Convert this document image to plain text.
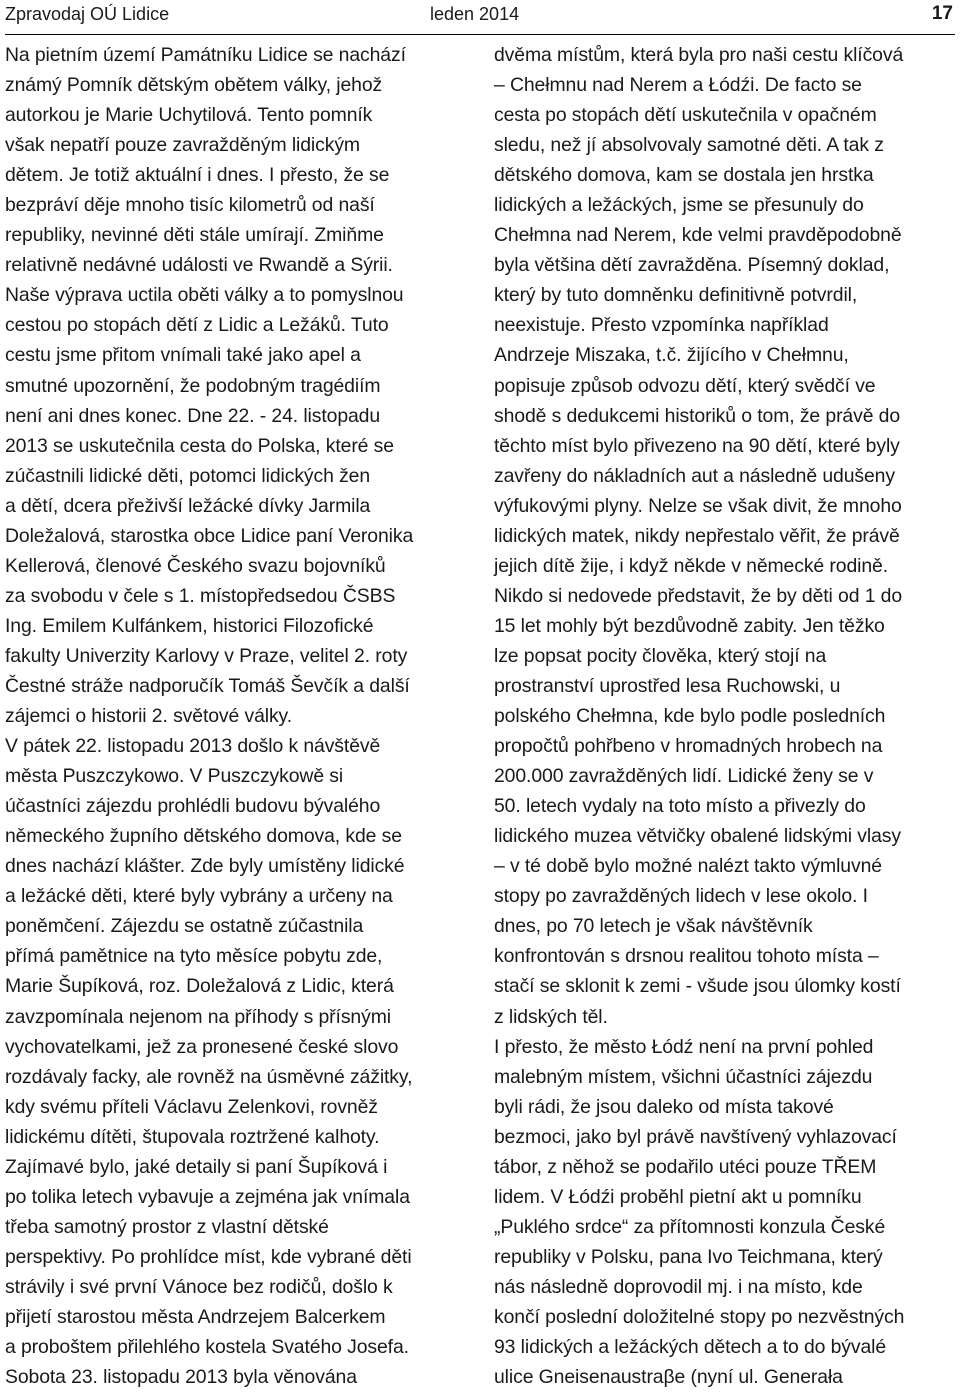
Zpravodaj OÚ Lidice	leden 2014	17
Na pietním území Památníku Lidice se nachází
známý Pomník dětským obětem války, jehož
autorkou je Marie Uchytilová. Tento pomník
však nepatří pouze zavražděným lidickým
dětem. Je totiž aktuální i dnes. I přesto, že se
bezpráví děje mnoho tisíc kilometrů od naší
republiky, nevinné děti stále umírají. Zmiňme
relativně nedávné události ve Rwandě a Sýrii.
Naše výprava uctila oběti války a to pomyslnou
cestou po stopách dětí z Lidic a Ležáků. Tuto
cestu jsme přitom vnímali také jako apel a
smutné upozornění, že podobným tragédiím
není ani dnes konec. Dne 22. - 24. listopadu
2013 se uskutečnila cesta do Polska, které se
zúčastnili lidické děti, potomci lidických žen
a dětí, dcera přeživší ležácké dívky Jarmila
Doležalová, starostka obce Lidice paní Veronika
Kellerová, členové Českého svazu bojovníků
za svobodu v čele s 1. místopředsedou ČSBS
Ing. Emilem Kulfánkem, historici Filozofické
fakulty Univerzity Karlovy v Praze, velitel 2. roty
Čestné stráže nadporučík Tomáš Ševčík a další
zájemci o historii 2. světové války.
V pátek 22. listopadu 2013 došlo k návštěvě
města Puszczykowo. V Puszczykowě si
účastníci zájezdu prohlédli budovu bývalého
německého župního dětského domova, kde se
dnes nachází klášter. Zde byly umístěny lidické
a ležácké děti, které byly vybrány a určeny na
poněmčení. Zájezdu se ostatně zúčastnila
přímá pamětnice na tyto měsíce pobytu zde,
Marie Šupíková, roz. Doležalová z Lidic, která
zavzpomínala nejenom na příhody s přísnými
vychovatelkami, jež za pronesené české slovo
rozdávaly facky, ale rovněž na úsměvné zážitky,
kdy svému příteli Václavu Zelenkovi, rovněž
lidickému dítěti, štupovala roztržené kalhoty.
Zajímavé bylo, jaké detaily si paní Šupíková i
po tolika letech vybavuje a zejména jak vnímala
třeba samotný prostor z vlastní dětské
perspektivy. Po prohlídce míst, kde vybrané děti
strávily i své první Vánoce bez rodičů, došlo k
přijetí starostou města Andrzejem Balcerkem
a proboštem přilehlého kostela Svatého Josefa.
Sobota 23. listopadu 2013 byla věnována
dvěma místům, která byla pro naši cestu klíčová
– Chełmnu nad Nerem a Łódźi. De facto se
cesta po stopách dětí uskutečnila v opačném
sledu, než jí absolvovaly samotné děti. A tak z
dětského domova, kam se dostala jen hrstka
lidických a ležáckých, jsme se přesunuly do
Chełmna nad Nerem, kde velmi pravděpodobně
byla většina dětí zavražděna. Písemný doklad,
který by tuto domněnku definitivně potvrdil,
neexistuje. Přesto vzpomínka například
Andrzeje Miszaka, t.č. žijícího v Chełmnu,
popisuje způsob odvozu dětí, který svědčí ve
shodě s dedukcemi historiků o tom, že právě do
těchto míst bylo přivezeno na 90 dětí, které byly
zavřeny do nákladních aut a následně udušeny
výfukovými plyny. Nelze se však divit, že mnoho
lidických matek, nikdy nepřestalo věřit, že právě
jejich dítě žije, i když někde v německé rodině.
Nikdo si nedovede představit, že by děti od 1 do
15 let mohly být bezdůvodně zabity. Jen těžko
lze popsat pocity člověka, který stojí na
prostranství uprostřed lesa Ruchowski, u
polského Chełmna, kde bylo podle posledních
propočtů pohřbeno v hromadných hrobech na
200.000 zavražděných lidí. Lidické ženy se v
50. letech vydaly na toto místo a přivezly do
lidického muzea větvičky obalené lidskými vlasy
– v té době bylo možné nalézt takto výmluvné
stopy po zavražděných lidech v lese okolo. I
dnes, po 70 letech je však návštěvník
konfrontován s drsnou realitou tohoto místa –
stačí se sklonit k zemi - všude jsou úlomky kostí
z lidských těl.
I přesto, že město Łódź není na první pohled
malebným místem, všichni účastníci zájezdu
byli rádi, že jsou daleko od místa takové
bezmoci, jako byl právě navštívený vyhlazovací
tábor, z něhož se podařilo utéci pouze TŘEM
lidem. V Łódźi proběhl pietní akt u pomníku
„Puklého srdce“ za přítomnosti konzula České
republiky v Polsku, pana Ivo Teichmana, který
nás následně doprovodil mj. i na místo, kde
končí poslední doložitelné stopy po nezvěstných
93 lidických a ležáckých dětech a to do bývalé
ulice Gneisenaustraβe (nyní ul. Generała
